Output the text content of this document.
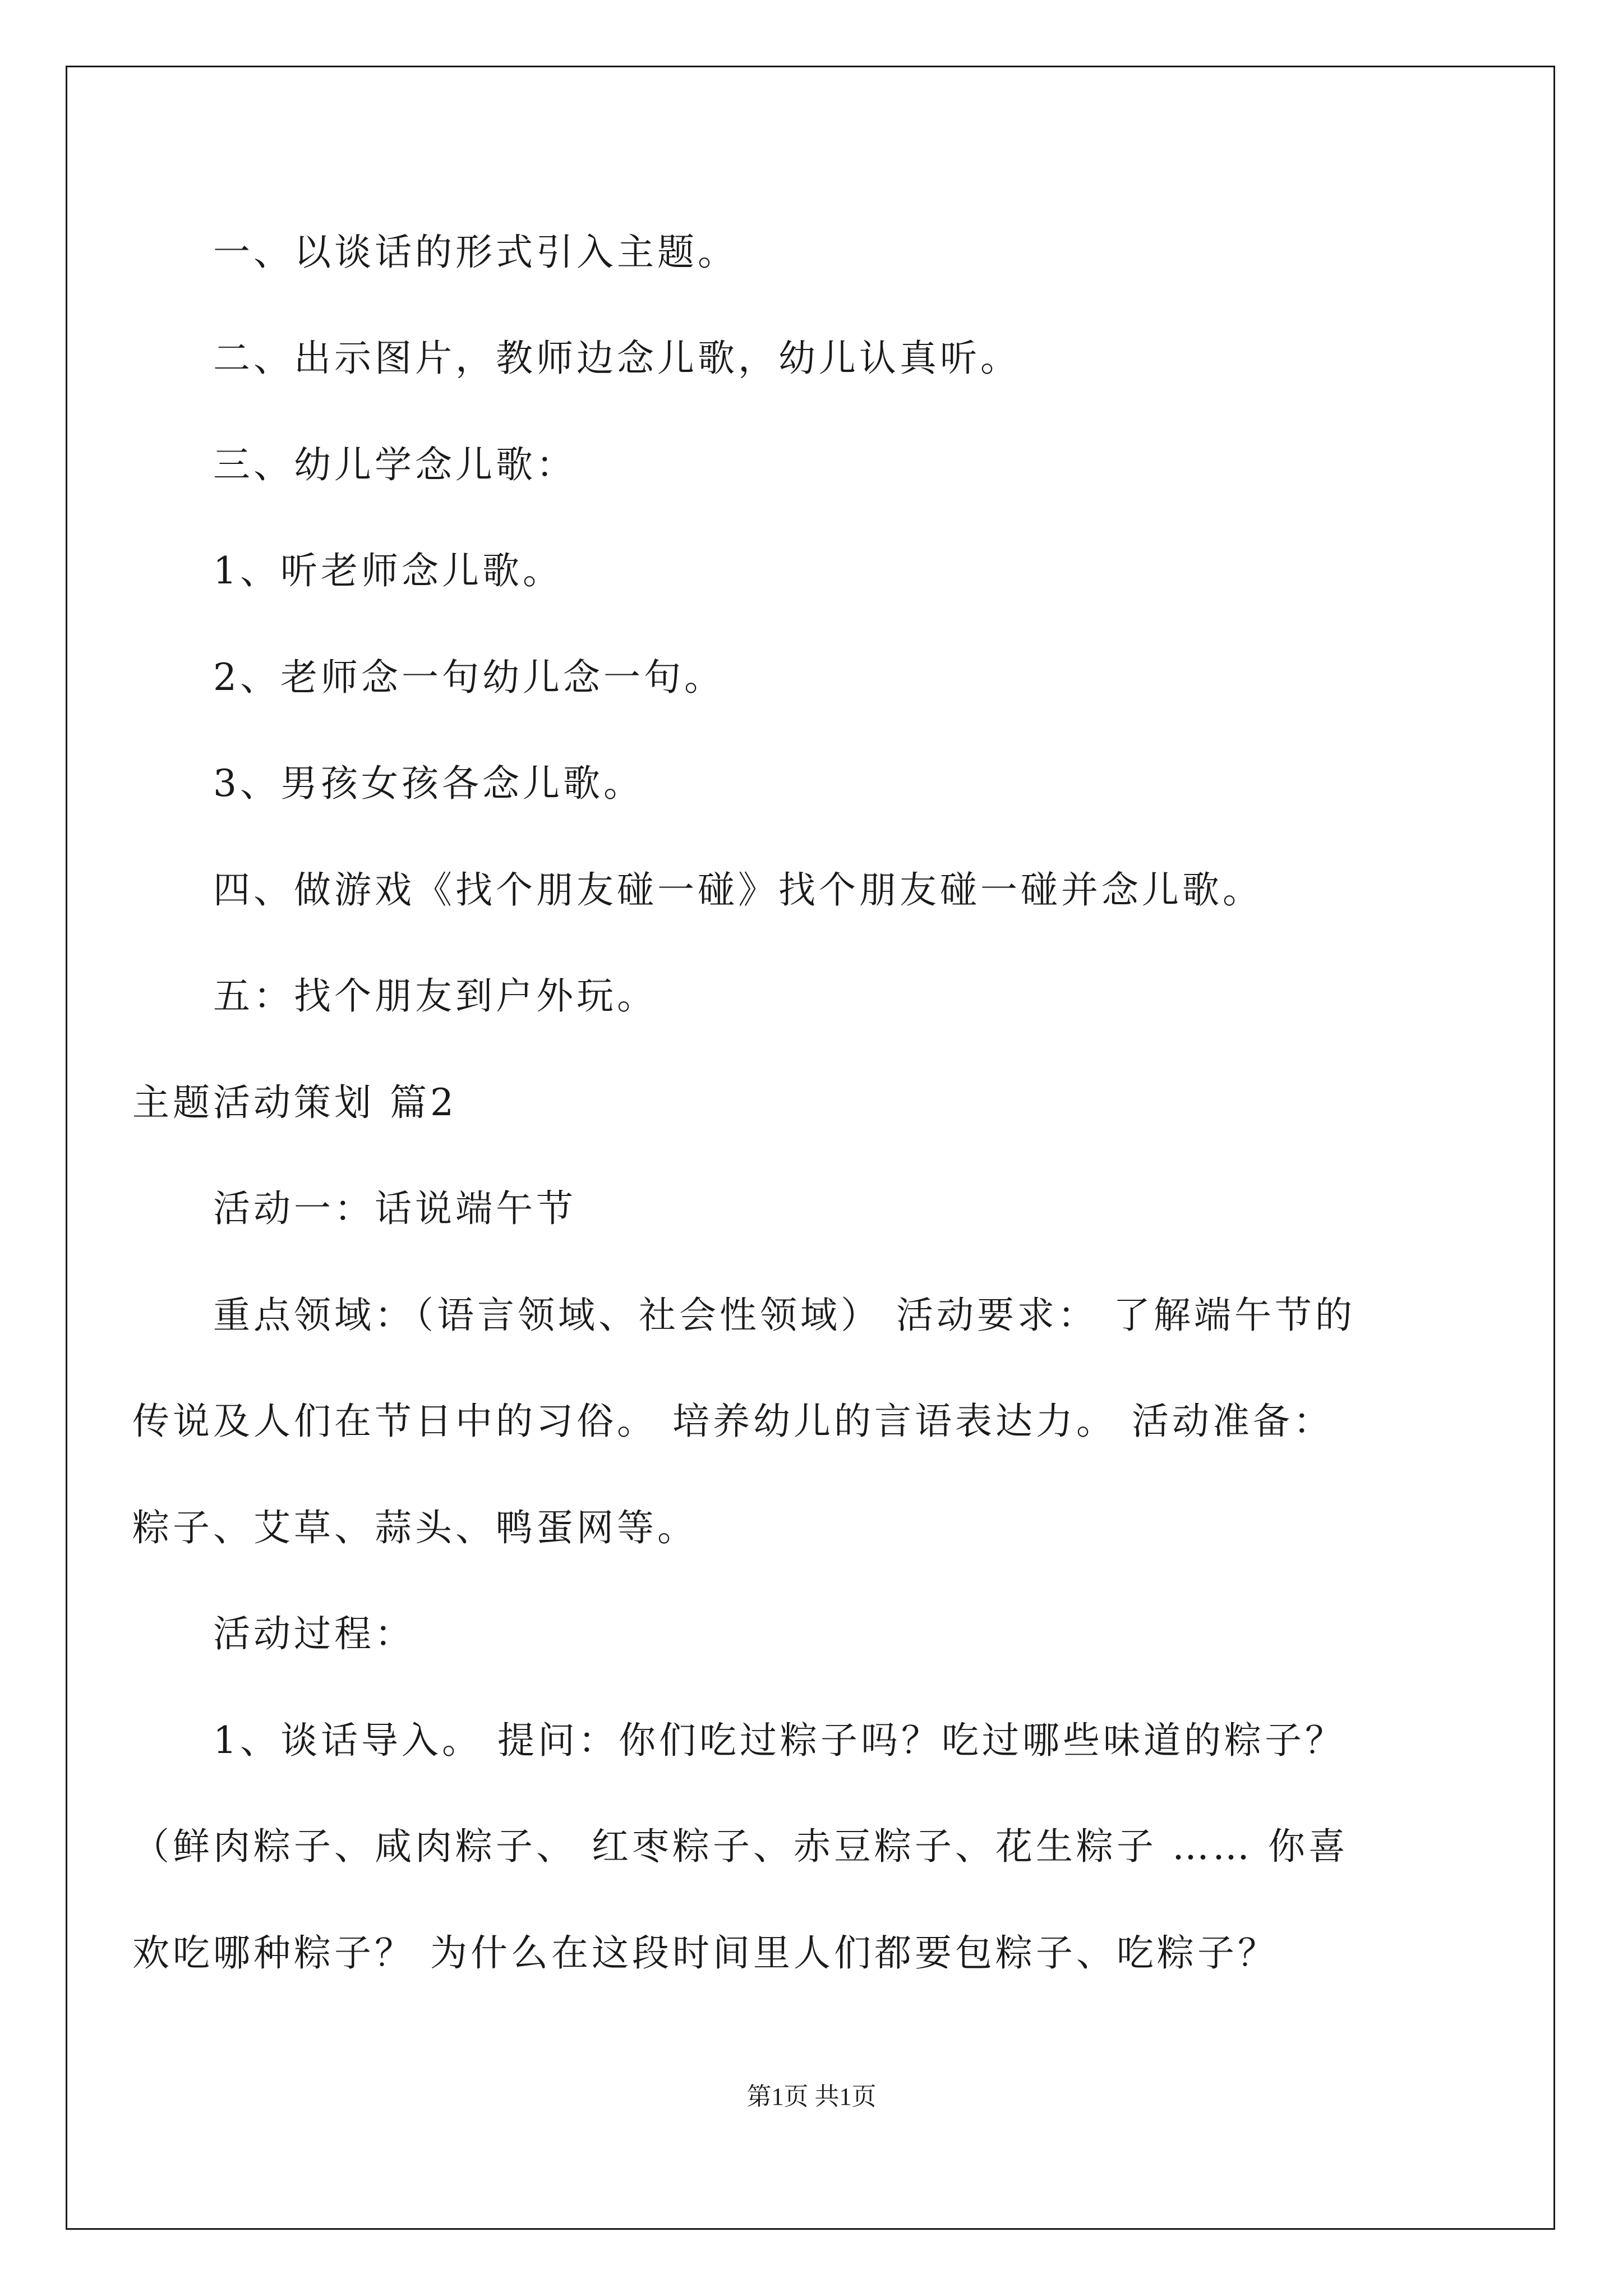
一、以谈话的形式引入主题。
二、出示图片，教师边念儿歌，幼儿认真听。
三、幼儿学念儿歌：
1、听老师念儿歌。
2、老师念一句幼儿念一句。
3、男孩女孩各念儿歌。
四、做游戏《找个朋友碰一碰》找个朋友碰一碰并念儿歌。
五：找个朋友到户外玩。
主题活动策划 篇2
活动一：话说端午节
重点领域：（语言领域、社会性领域） 活动要求： 了解端午节的
传说及人们在节日中的习俗。 培养幼儿的言语表达力。 活动准备：
粽子、艾草、蒜头、鸭蛋网等。
活动过程：
1、谈话导入。 提问：你们吃过粽子吗？吃过哪些味道的粽子？
（鲜肉粽子、咸肉粽子、 红枣粽子、赤豆粽子、花生粽子 …… 你喜
欢吃哪种粽子？ 为什么在这段时间里人们都要包粽子、吃粽子？
第1页 共1页
